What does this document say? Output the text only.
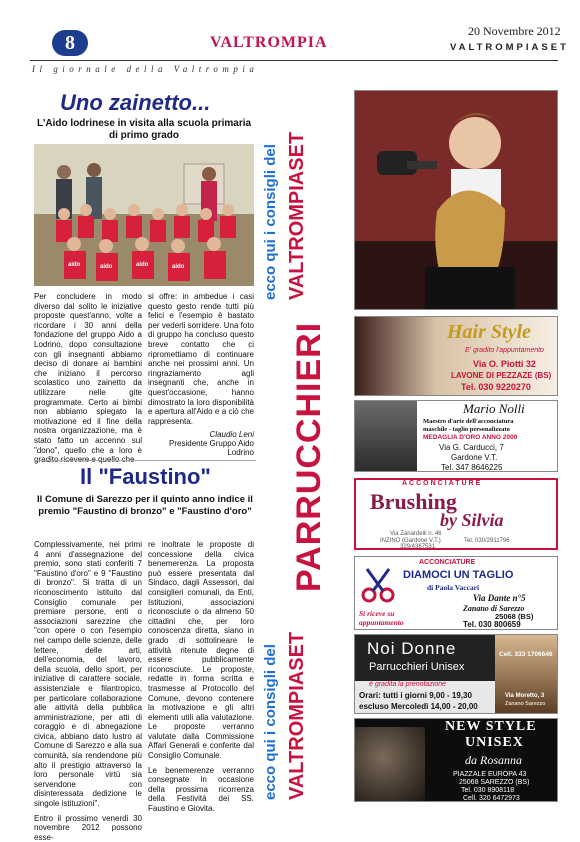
8	VALTROMPIA
20 Novembre 2012
VALTROMPIASET
Il giornale della Valtrompia
Uno zainetto...
L'Aido lodrinese in visita alla scuola primaria di primo grado
aido	aido	aido	aido
Per concludere in modo diverso dal solito le iniziative proposte quest'anno, volte a ricordare i 30 anni della fondazione del gruppo Aido a Lodrino, dopo consultazione con gli insegnanti abbiamo deciso di donare ai bambini che iniziano il percorso scolastico uno zainetto da utilizzare nelle gite programmate. Certo ai bimbi non abbiamo spiegato la motivazione ed il fine della nostra organizzazione, ma è stato fatto un accenno sul "dono", quello che a loro è
si offre: in ambedue i casi questo gesto rende tutti più felici e l'esempio è bastato per vederli sorridere. Una foto di gruppo ha concluso questo breve contatto che ci ripromettiamo di continuare anche nei prossimi anni. Un ringraziamento agli insegnanti che, anche in quest'occasione, hanno dimostrato la loro disponibilità e apertura all'Aido e a ciò che rappresenta.
Claudio Leni
Presidente Gruppo Aido Lodrino
Il "Faustino"
Il Comune di Sarezzo per il quinto anno indice il premio "Faustino di bronzo" e "Faustino d'oro"
Complessivamente, nei primi 4 anni d'assegnazione del premio, sono stati conferiti 7 "Faustino d'oro" e 9 "Faustino di bronzo". Si tratta di un riconoscimento istituito dal Consiglio comunale per premiare persone, enti o associazioni sarezzine che "con opere o con l'esempio nel campo delle scienze, delle lettere, delle arti, dell'economia, del lavoro, della scuola, dello sport, per iniziative di carattere sociale, assistenziale e filantropico, per particolare collaborazione alle attività della pubblica amministrazione, per atti di coraggio e di abnegazione civica, abbiano dato lustro al Comune di Sarezzo e alla sua comunità, sia rendendone più alto il prestigio attraverso la loro personale virtù sia servendone con disinteressata dedizione le singole istituzioni".
Entro il prossimo venerdì 30 novembre 2012 possono esse-
re inoltrate le proposte di concessione della civica benemerenza. La proposta può essere presentata dal Sindaco, dagli Assessori, dai consiglieri comunali, da Enti, Istituzioni, associazioni riconosciute o da almeno 50 cittadini che, per loro conoscenza diretta, siano in grado di sottolineare le attività ritenute degne di essere pubblicamente riconosciute. Le proposte, redatte in forma scritta e trasmesse al Protocollo del Comune, devono contenere la motivazione e gli altri elementi utili alla valutazione. Le proposte verranno valutate dalla Commissione Affari Generali e conferite dal Consiglio Comunale.
Le benemerenze verranno consegnate in occasione della prossima ricorrenza della Festività dei SS. Faustino e Giovita.
ecco qui i consigli del VALTROMPIASET
PARRUCCHIERI
ecco qui i consigli del VALTROMPIASET
Hair Style
E' gradito l'appuntamento
Via O. Piotti 32
LAVONE DI PEZZAZE (BS)
Tel. 030 9220270
Mario Nolli
Maestro d'arte dell'acconciatura
maschile - taglio personalizzato
MEDAGLIA D'ORO ANNO 2000
Via G. Carducci, 7
Gardone V.T.
Tel. 347 8646225
ACCONCIATURE
Brushing
by Silvia
Via Zanardelli n. 46
INZINO (Gardone V.T.)	Tel. 030/2911796
329/4367531
ACCONCIATURE
DIAMOCI UN TAGLIO
di Paola Vaccari
Via Dante n°5
Zanano di Sarezzo
25068 (BS)
Tel. 030 800659
Si riceve su
appuntamento
Noi Donne
Parrucchieri Unisex
è gradita la prenotazione
Orari: tutti i giorni 9,00 - 19,30
escluso Mercoledì 14,00 - 20,00
Cell. 333 1706646
Via Moretto, 3
Zanano Sarezzo
NEW STYLE
UNISEX
da Rosanna
PIAZZALE EUROPA 43
25068 SAREZZO (BS)
Tel. 030 8908118
Cell. 320 6472973
